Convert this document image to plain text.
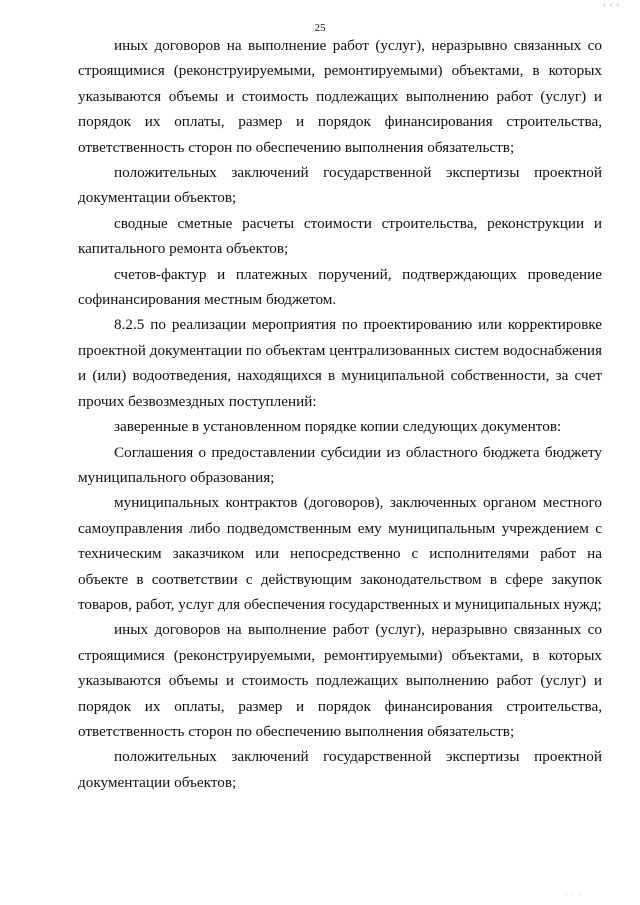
‹ ‹ ‹
25

иных договоров на выполнение работ (услуг), неразрывно связанных со строящимися (реконструируемыми, ремонтируемыми) объектами, в которых указываются объемы и стоимость подлежащих выполнению работ (услуг) и порядок их оплаты, размер и порядок финансирования строительства, ответственность сторон по обеспечению выполнения обязательств;

положительных заключений государственной экспертизы проектной документации объектов;

сводные сметные расчеты стоимости строительства, реконструкции и капитального ремонта объектов;

счетов-фактур и платежных поручений, подтверждающих проведение софинансирования местным бюджетом.

8.2.5 по реализации мероприятия по проектированию или корректировке проектной документации по объектам централизованных систем водоснабжения и (или) водоотведения, находящихся в муниципальной собственности, за счет прочих безвозмездных поступлений:

заверенные в установленном порядке копии следующих документов:

Соглашения о предоставлении субсидии из областного бюджета бюджету муниципального образования;

муниципальных контрактов (договоров), заключенных органом местного самоуправления либо подведомственным ему муниципальным учреждением с техническим заказчиком или непосредственно с исполнителями работ на объекте в соответствии с действующим законодательством в сфере закупок товаров, работ, услуг для обеспечения государственных и муниципальных нужд;

иных договоров на выполнение работ (услуг), неразрывно связанных со строящимися (реконструируемыми, ремонтируемыми) объектами, в которых указываются объемы и стоимость подлежащих выполнению работ (услуг) и порядок их оплаты, размер и порядок финансирования строительства, ответственность сторон по обеспечению выполнения обязательств;

положительных заключений государственной экспертизы проектной документации объектов;

· · ·
